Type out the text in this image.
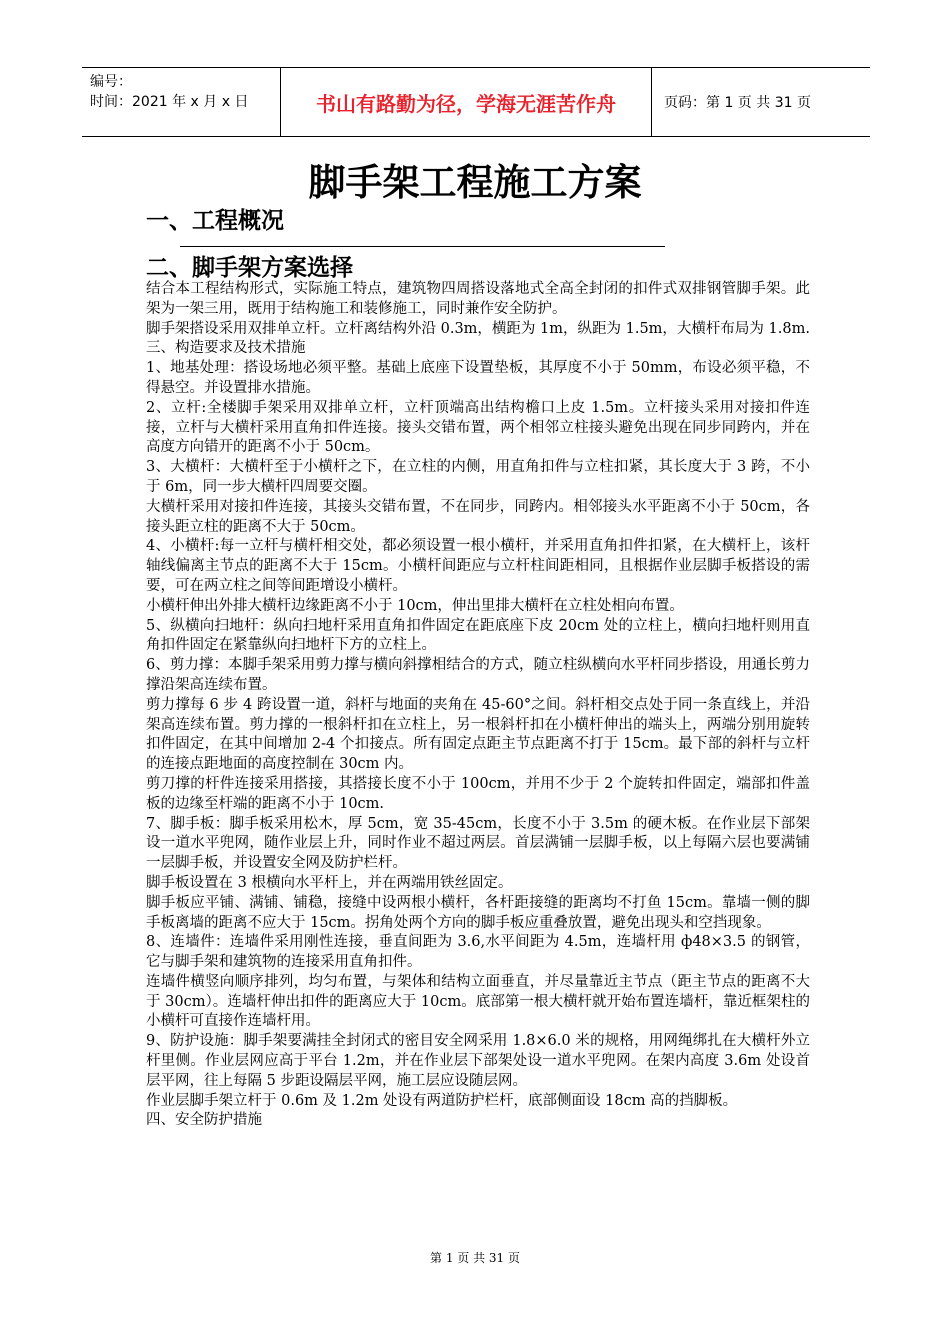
编号：
时间：2021 年 x 月 x 日	书山有路勤为径，学海无涯苦作舟	页码：第 1 页 共 31 页
脚手架工程施工方案
一、工程概况
二、脚手架方案选择

结合本工程结构形式，实际施工特点，建筑物四周搭设落地式全高全封闭的扣件式双排钢管脚手架。此架为一架三用，既用于结构施工和装修施工，同时兼作安全防护。

脚手架搭设采用双排单立杆。立杆离结构外沿 0.3m，横距为 1m，纵距为 1.5m，大横杆布局为 1.8m.

三、构造要求及技术措施

1、地基处理：搭设场地必须平整。基础上底座下设置垫板，其厚度不小于 50mm，布设必须平稳，不得悬空。并设置排水措施。

2、立杆:全楼脚手架采用双排单立杆，立杆顶端高出结构檐口上皮 1.5m。立杆接头采用对接扣件连接，立杆与大横杆采用直角扣件连接。接头交错布置，两个相邻立柱接头避免出现在同步同跨内，并在高度方向错开的距离不小于 50cm。

3、大横杆：大横杆至于小横杆之下，在立柱的内侧，用直角扣件与立柱扣紧，其长度大于 3 跨，不小于 6m，同一步大横杆四周要交圈。

大横杆采用对接扣件连接，其接头交错布置，不在同步，同跨内。相邻接头水平距离不小于 50cm，各接头距立柱的距离不大于 50cm。

4、小横杆:每一立杆与横杆相交处，都必须设置一根小横杆，并采用直角扣件扣紧，在大横杆上，该杆轴线偏离主节点的距离不大于 15cm。小横杆间距应与立杆柱间距相同，且根据作业层脚手板搭设的需要，可在两立柱之间等间距增设小横杆。

小横杆伸出外排大横杆边缘距离不小于 10cm，伸出里排大横杆在立柱处相向布置。

5、纵横向扫地杆：纵向扫地杆采用直角扣件固定在距底座下皮 20cm 处的立柱上，横向扫地杆则用直角扣件固定在紧靠纵向扫地杆下方的立柱上。

6、剪力撑：本脚手架采用剪力撑与横向斜撑相结合的方式，随立柱纵横向水平杆同步搭设，用通长剪力撑沿架高连续布置。

剪力撑每 6 步 4 跨设置一道，斜杆与地面的夹角在 45-60°之间。斜杆相交点处于同一条直线上，并沿架高连续布置。剪力撑的一根斜杆扣在立柱上，另一根斜杆扣在小横杆伸出的端头上，两端分别用旋转扣件固定，在其中间增加 2-4 个扣接点。所有固定点距主节点距离不打于 15cm。最下部的斜杆与立杆的连接点距地面的高度控制在 30cm 内。

剪刀撑的杆件连接采用搭接，其搭接长度不小于 100cm，并用不少于 2 个旋转扣件固定，端部扣件盖板的边缘至杆端的距离不小于 10cm.

7、脚手板：脚手板采用松木，厚 5cm，宽 35-45cm，长度不小于 3.5m 的硬木板。在作业层下部架设一道水平兜网，随作业层上升，同时作业不超过两层。首层满铺一层脚手板，以上每隔六层也要满铺一层脚手板，并设置安全网及防护栏杆。

脚手板设置在 3 根横向水平杆上，并在两端用铁丝固定。

脚手板应平铺、满铺、铺稳，接缝中设两根小横杆，各杆距接缝的距离均不打鱼 15cm。靠墙一侧的脚手板离墙的距离不应大于 15cm。拐角处两个方向的脚手板应重叠放置，避免出现头和空挡现象。

8、连墙件：连墙件采用刚性连接，垂直间距为 3.6,水平间距为 4.5m，连墙杆用 ф48×3.5 的钢管，它与脚手架和建筑物的连接采用直角扣件。

连墙件横竖向顺序排列，均匀布置，与架体和结构立面垂直，并尽量靠近主节点（距主节点的距离不大于 30cm）。连墙杆伸出扣件的距离应大于 10cm。底部第一根大横杆就开始布置连墙杆，靠近框架柱的小横杆可直接作连墙杆用。

9、防护设施：脚手架要满挂全封闭式的密目安全网采用 1.8×6.0 米的规格，用网绳绑扎在大横杆外立杆里侧。作业层网应高于平台 1.2m，并在作业层下部架处设一道水平兜网。在架内高度 3.6m 处设首层平网，往上每隔 5 步距设隔层平网，施工层应设随层网。

作业层脚手架立杆于 0.6m 及 1.2m 处设有两道防护栏杆，底部侧面设 18cm 高的挡脚板。

四、安全防护措施

第 1 页 共 31 页
